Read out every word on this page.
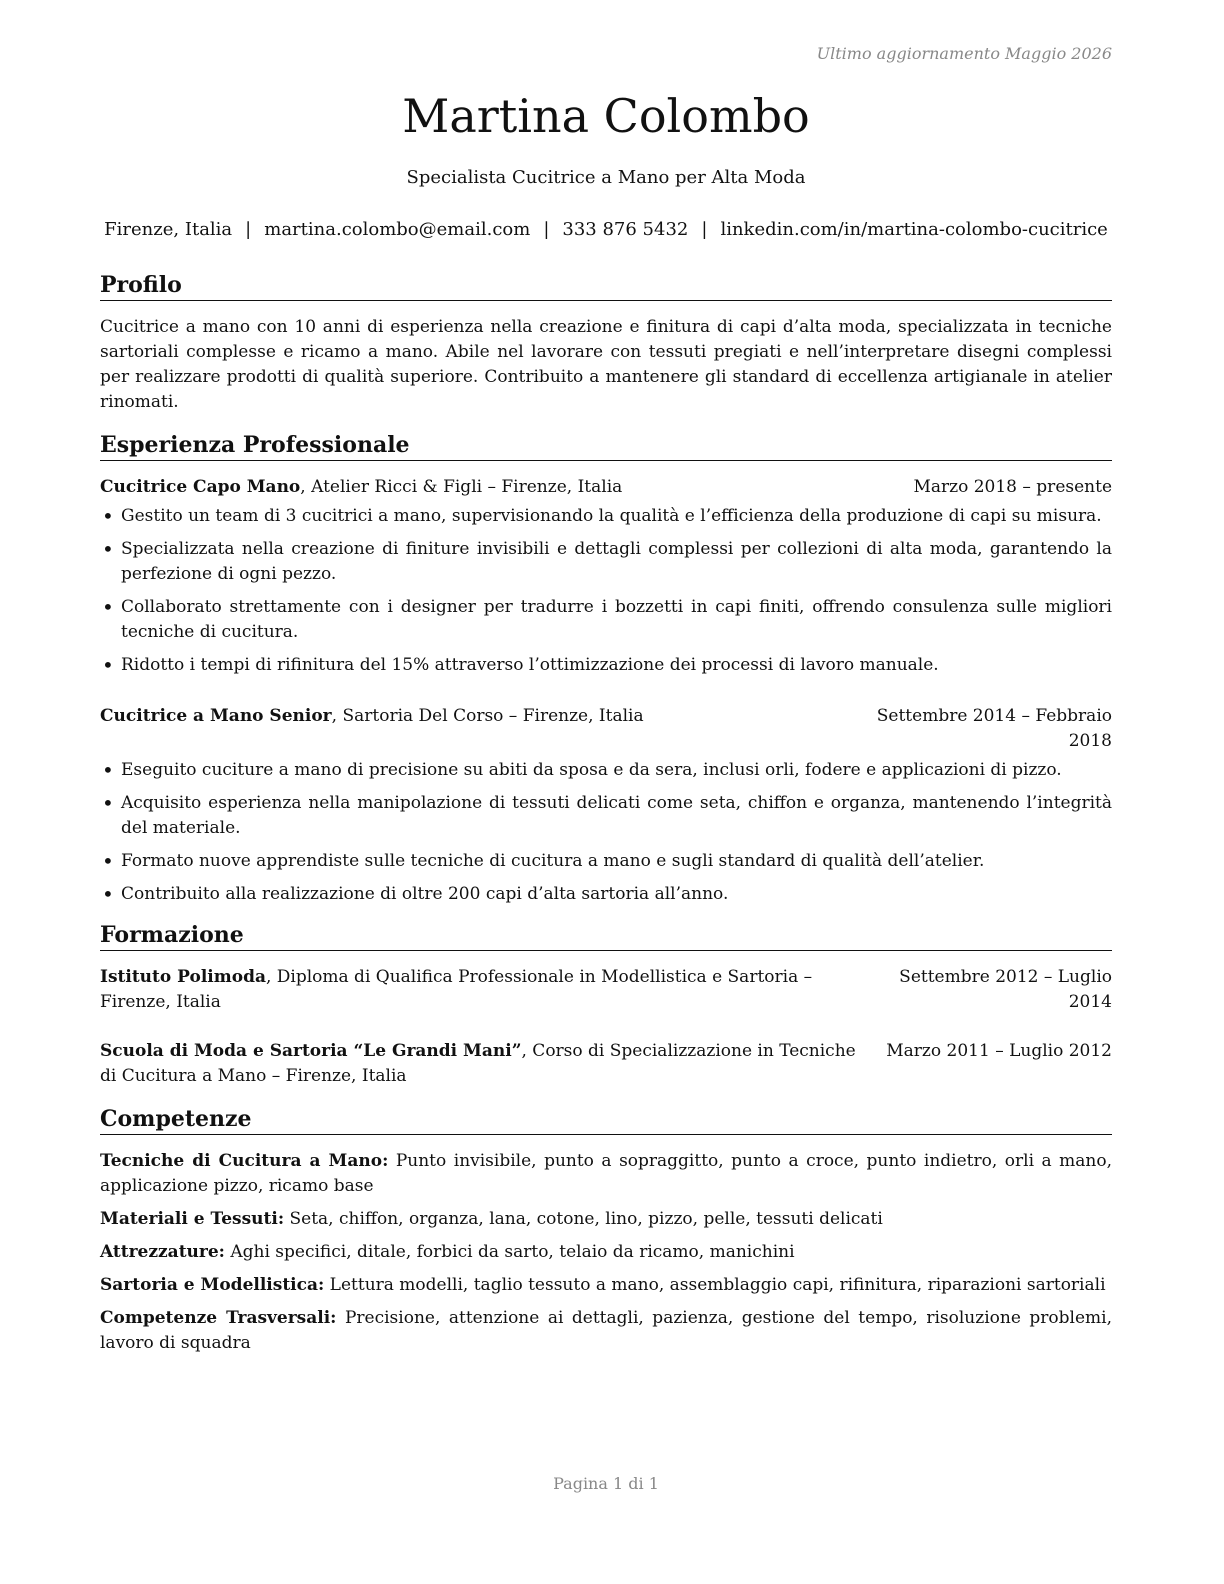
Ultimo aggiornamento Maggio 2026
Martina Colombo
Specialista Cucitrice a Mano per Alta Moda
Firenze, Italia | martina.colombo@email.com | 333 876 5432 | linkedin.com/in/martina-colombo-cucitrice
Profilo
Cucitrice a mano con 10 anni di esperienza nella creazione e finitura di capi d’alta moda, specializzata in tecniche sartoriali complesse e ricamo a mano. Abile nel lavorare con tessuti pregiati e nell’interpretare disegni complessi per realizzare prodotti di qualità superiore. Contribuito a mantenere gli standard di eccellenza artigianale in atelier rinomati.
Esperienza Professionale
Cucitrice Capo Mano, Atelier Ricci & Figli – Firenze, Italia	Marzo 2018 – presente
• Gestito un team di 3 cucitrici a mano, supervisionando la qualità e l’efficienza della produzione di capi su misura.
• Specializzata nella creazione di finiture invisibili e dettagli complessi per collezioni di alta moda, garantendo la perfezione di ogni pezzo.
• Collaborato strettamente con i designer per tradurre i bozzetti in capi finiti, offrendo consulenza sulle migliori tecniche di cucitura.
• Ridotto i tempi di rifinitura del 15% attraverso l’ottimizzazione dei processi di lavoro manuale.
Cucitrice a Mano Senior, Sartoria Del Corso – Firenze, Italia	Settembre 2014 – Febbraio 2018
• Eseguito cuciture a mano di precisione su abiti da sposa e da sera, inclusi orli, fodere e applicazioni di pizzo.
• Acquisito esperienza nella manipolazione di tessuti delicati come seta, chiffon e organza, mantenendo l’integrità del materiale.
• Formato nuove apprendiste sulle tecniche di cucitura a mano e sugli standard di qualità dell’atelier.
• Contribuito alla realizzazione di oltre 200 capi d’alta sartoria all’anno.
Formazione
Istituto Polimoda, Diploma di Qualifica Professionale in Modellistica e Sartoria – Firenze, Italia
Settembre 2012 – Luglio 2014
Scuola di Moda e Sartoria “Le Grandi Mani”, Corso di Specializzazione in Tecniche di Cucitura a Mano – Firenze, Italia
Marzo 2011 – Luglio 2012
Competenze
Tecniche di Cucitura a Mano: Punto invisibile, punto a sopraggitto, punto a croce, punto indietro, orli a mano, applicazione pizzo, ricamo base
Materiali e Tessuti: Seta, chiffon, organza, lana, cotone, lino, pizzo, pelle, tessuti delicati
Attrezzature: Aghi specifici, ditale, forbici da sarto, telaio da ricamo, manichini
Sartoria e Modellistica: Lettura modelli, taglio tessuto a mano, assemblaggio capi, rifinitura, riparazioni sartoriali
Competenze Trasversali: Precisione, attenzione ai dettagli, pazienza, gestione del tempo, risoluzione problemi, lavoro di squadra
Pagina 1 di 1
